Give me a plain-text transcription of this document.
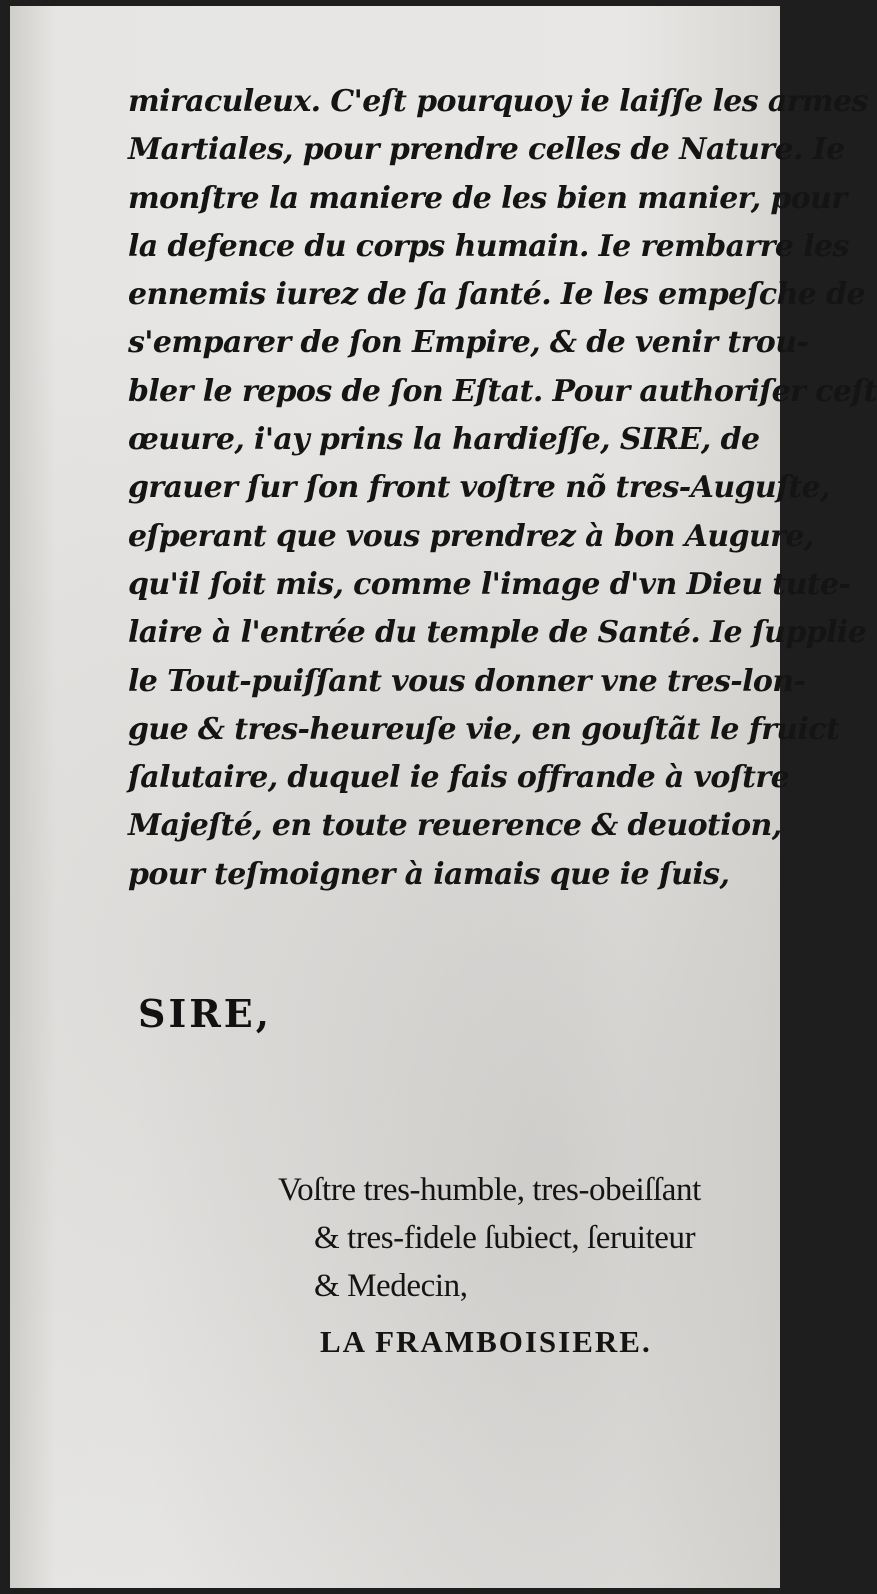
miraculeux. C'eſt pourquoy ie laiſſe les armes
Martiales, pour prendre celles de Nature. Ie
monſtre la maniere de les bien manier, pour
la defence du corps humain. Ie rembarre les
ennemis iurez de ſa ſanté. Ie les empeſche de
s'emparer de ſon Empire, & de venir trou-
bler le repos de ſon Eſtat. Pour authoriſer ceſt
œuure, i'ay prins la hardieſſe, SIRE, de
grauer ſur ſon front voſtre nõ tres-Auguſte,
eſperant que vous prendrez à bon Augure,
qu'il ſoit mis, comme l'image d'vn Dieu tute-
laire à l'entrée du temple de Santé. Ie ſupplie
le Tout-puiſſant vous donner vne tres-lon-
gue & tres-heureuſe vie, en gouſtãt le fruict
ſalutaire, duquel ie fais offrande à voſtre
Majeſté, en toute reuerence & deuotion,
pour teſmoigner à iamais que ie ſuis,
SIRE,
Voſtre tres-humble, tres-obeiſſant
& tres-fidele ſubiect, ſeruiteur
& Medecin,
LA FRAMBOISIERE.
